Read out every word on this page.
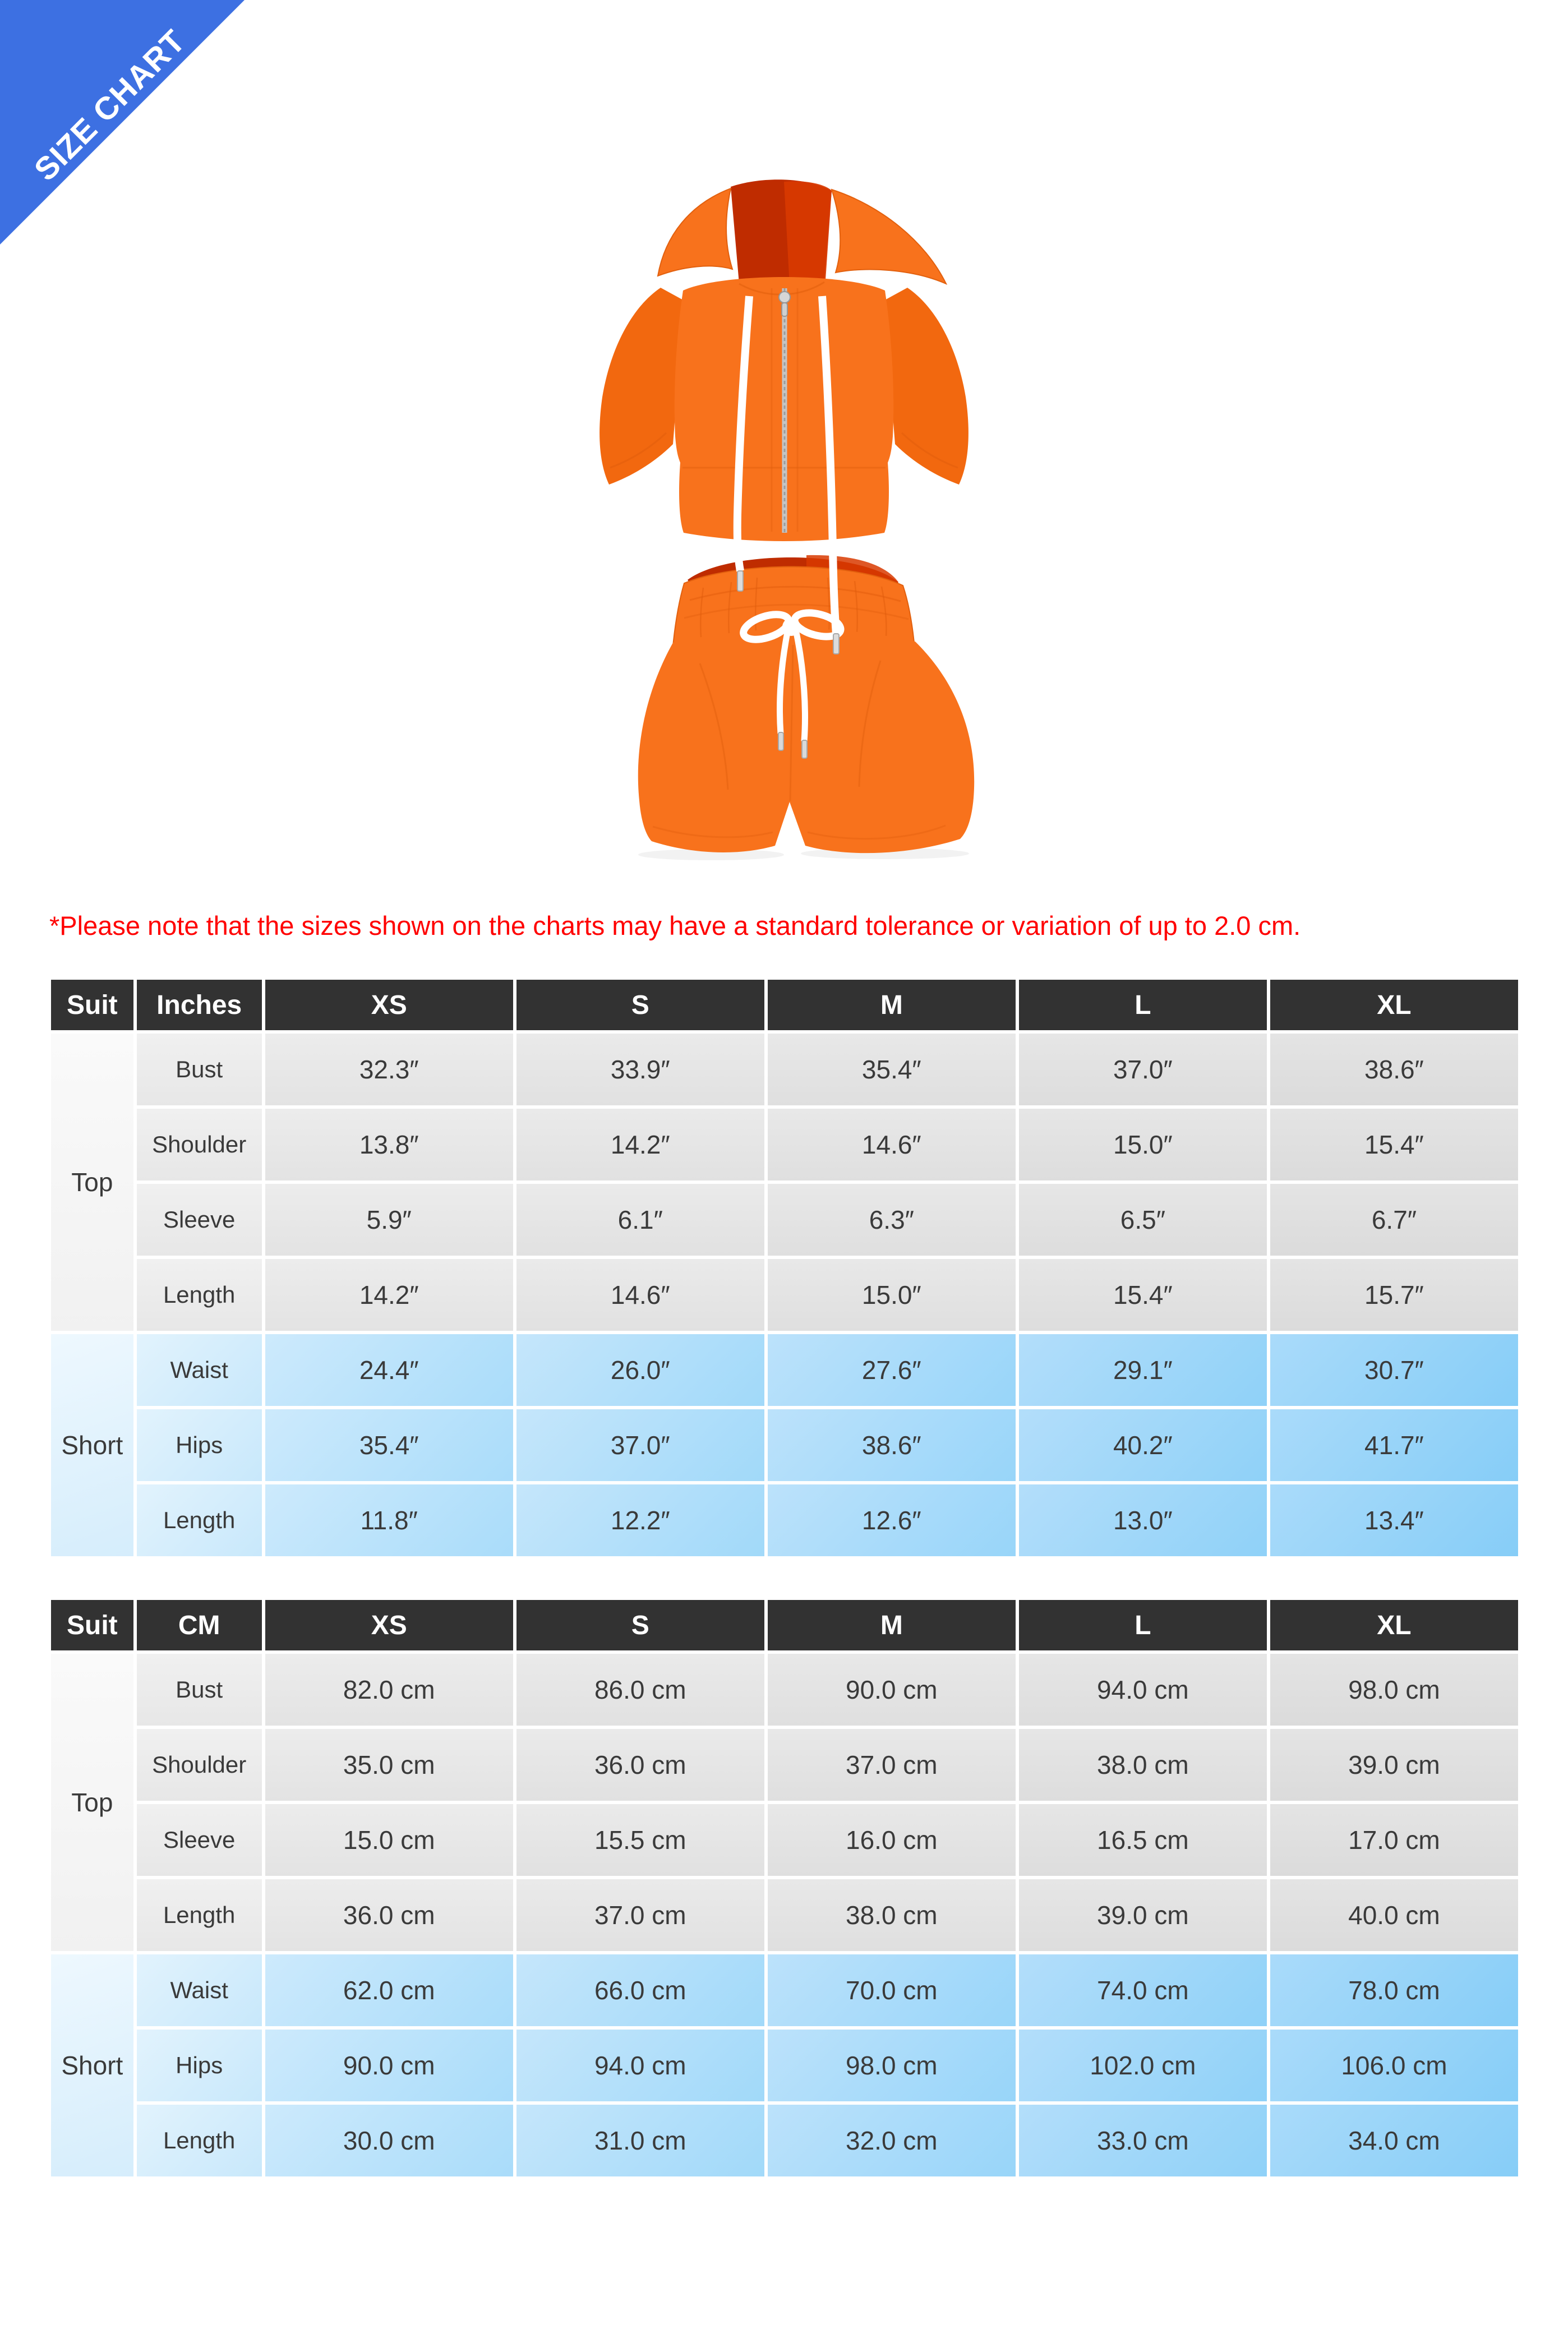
SIZE CHART
*Please note that the sizes shown on the charts may have a standard tolerance or variation of up to 2.0 cm.
Suit	Inches	XS	S	M	L	XL
Top	Bust	32.3″	33.9″	35.4″	37.0″	38.6″
	Shoulder	13.8″	14.2″	14.6″	15.0″	15.4″
	Sleeve	5.9″	6.1″	6.3″	6.5″	6.7″
	Length	14.2″	14.6″	15.0″	15.4″	15.7″
Short	Waist	24.4″	26.0″	27.6″	29.1″	30.7″
	Hips	35.4″	37.0″	38.6″	40.2″	41.7″
	Length	11.8″	12.2″	12.6″	13.0″	13.4″
Suit	CM	XS	S	M	L	XL
Top	Bust	82.0 cm	86.0 cm	90.0 cm	94.0 cm	98.0 cm
	Shoulder	35.0 cm	36.0 cm	37.0 cm	38.0 cm	39.0 cm
	Sleeve	15.0 cm	15.5 cm	16.0 cm	16.5 cm	17.0 cm
	Length	36.0 cm	37.0 cm	38.0 cm	39.0 cm	40.0 cm
Short	Waist	62.0 cm	66.0 cm	70.0 cm	74.0 cm	78.0 cm
	Hips	90.0 cm	94.0 cm	98.0 cm	102.0 cm	106.0 cm
	Length	30.0 cm	31.0 cm	32.0 cm	33.0 cm	34.0 cm
